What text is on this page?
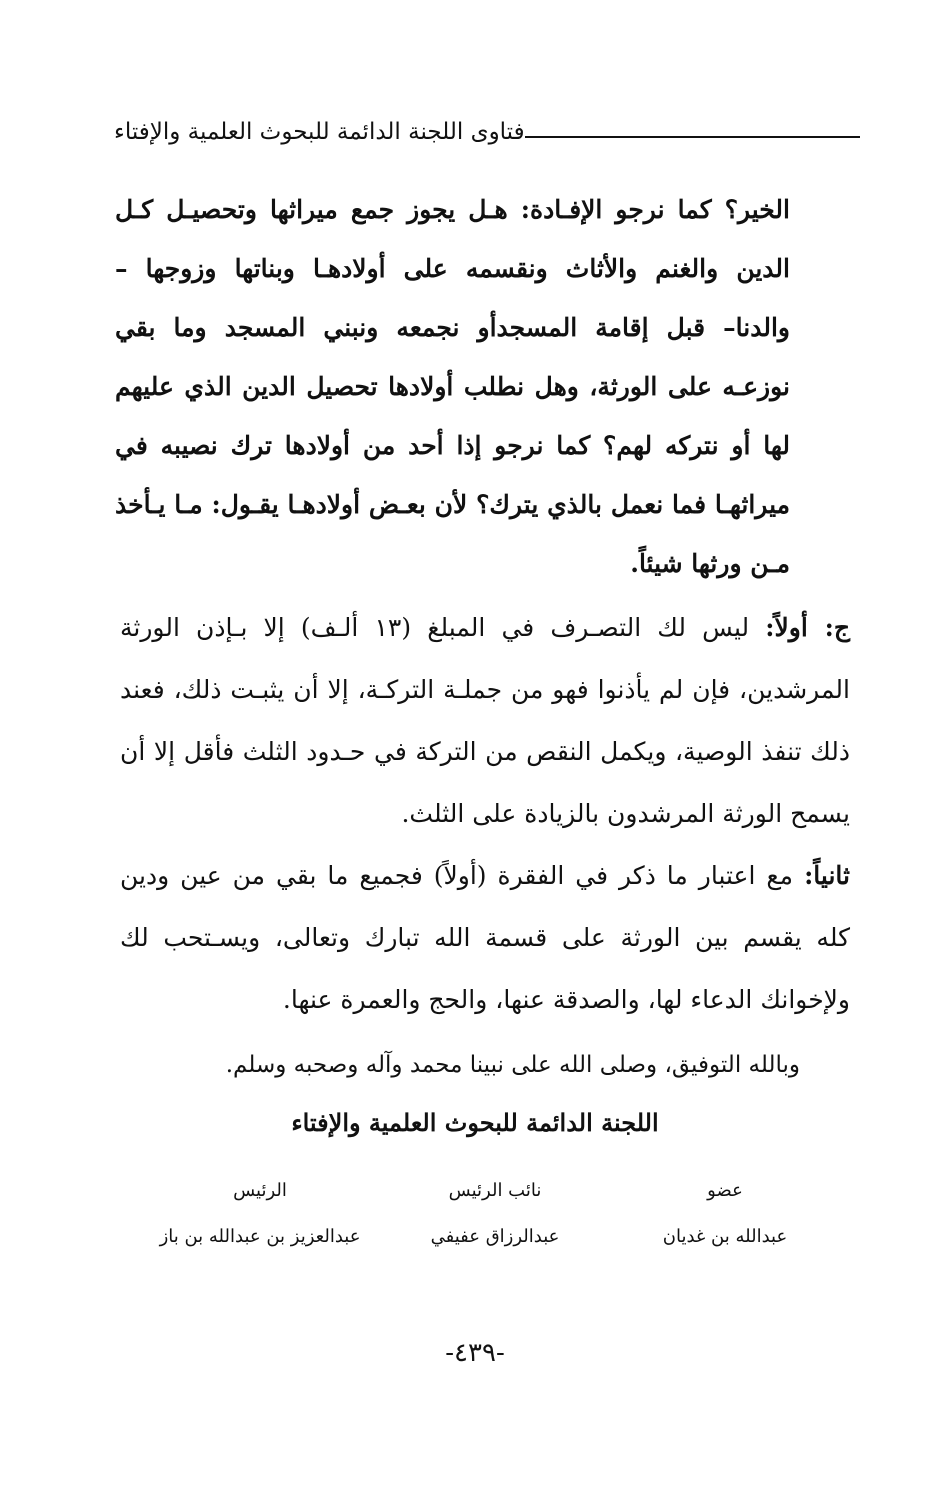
فتاوى اللجنة الدائمة للبحوث العلمية والإفتاء

الخير؟ كما نرجو الإفـادة: هـل يجوز جمع ميراثها وتحصيـل كـل الدين والغنم والأثاث ونقسمه على أولادهـا وبناتها وزوجها – والدنا– قبل إقامة المسجدأو نجمعه ونبني المسجد وما بقي نوزعـه على الورثة، وهل نطلب أولادها تحصيل الدين الذي عليهم لها أو نتركه لهم؟ كما نرجو إذا أحد من أولادها ترك نصيبه في ميراثهـا فما نعمل بالذي يترك؟ لأن بعـض أولادهـا يقـول: مـا يـأخذ مـن ورثها شيئاً.

ج: أولاً: ليس لك التصـرف في المبلغ (١٣ ألـف) إلا بـإذن الورثة المرشدين، فإن لم يأذنوا فهو من جملـة التركـة، إلا أن يثبـت ذلك، فعند ذلك تنفذ الوصية، ويكمل النقص من التركة في حـدود الثلث فأقل إلا أن يسمح الورثة المرشدون بالزيادة على الثلث.

ثانياً: مع اعتبار ما ذكر في الفقرة (أولاً) فجميع ما بقي من عين ودين كله يقسم بين الورثة على قسمة الله تبارك وتعالى، ويسـتحب لك ولإخوانك الدعاء لها، والصدقة عنها، والحج والعمرة عنها.

وبالله التوفيق، وصلى الله على نبينا محمد وآله وصحبه وسلم.
اللجنة الدائمة للبحوث العلمية والإفتاء
عضو
عبدالله بن غديان
نائب الرئيس
عبدالرزاق عفيفي
الرئيس
عبدالعزيز بن عبدالله بن باز
-٤٣٩-
